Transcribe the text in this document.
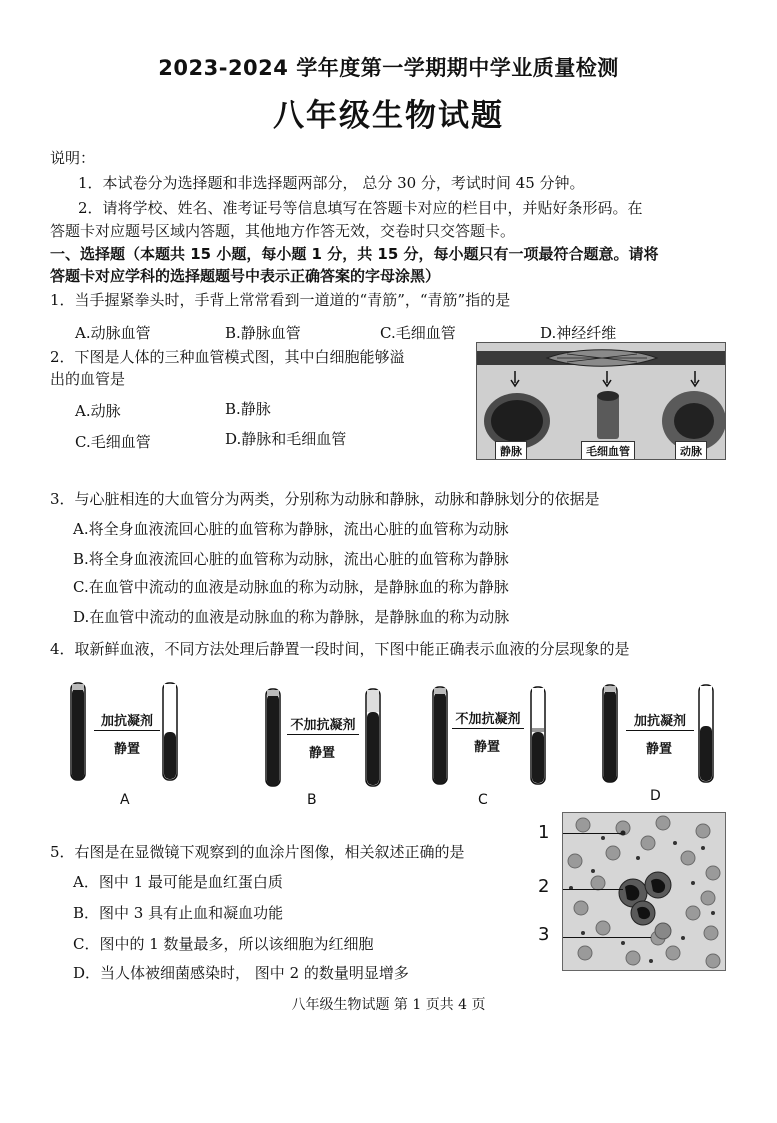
2023-2024 学年度第一学期期中学业质量检测
八年级生物试题
说明：
1．本试卷分为选择题和非选择题两部分， 总分 30 分，考试时间 45 分钟。
2．请将学校、姓名、准考证号等信息填写在答题卡对应的栏目中，并贴好条形码。在
答题卡对应题号区域内答题，其他地方作答无效，交卷时只交答题卡。
一、选择题（本题共 15 小题，每小题 1 分，共 15 分，每小题只有一项最符合题意。请将
答题卡对应学科的选择题题号中表示正确答案的字母涂黑）
1．当手握紧拳头时，手背上常常看到一道道的“青筋”，“青筋”指的是
A.动脉血管	B.静脉血管	C.毛细血管	D.神经纤维
2．下图是人体的三种血管模式图，其中白细胞能够溢
出的血管是
A.动脉	B.静脉
C.毛细血管	D.静脉和毛细血管
静脉	毛细血管	动脉
3．与心脏相连的大血管分为两类，分别称为动脉和静脉，动脉和静脉划分的依据是
A.将全身血液流回心脏的血管称为静脉，流出心脏的血管称为动脉
B.将全身血液流回心脏的血管称为动脉，流出心脏的血管称为静脉
C.在血管中流动的血液是动脉血的称为动脉，是静脉血的称为静脉
D.在血管中流动的血液是动脉血的称为静脉，是静脉血的称为动脉
4．取新鲜血液，不同方法处理后静置一段时间，下图中能正确表示血液的分层现象的是
加抗凝剂
静置
A
不加抗凝剂
静置
B
不加抗凝剂
静置
C
加抗凝剂
静置
D
5．右图是在显微镜下观察到的血涂片图像，相关叙述正确的是
A．图中 1 最可能是血红蛋白质
B．图中 3 具有止血和凝血功能
C．图中的 1 数量最多，所以该细胞为红细胞
D．当人体被细菌感染时， 图中 2 的数量明显增多
1
2
3
八年级生物试题 第 1 页共 4 页
